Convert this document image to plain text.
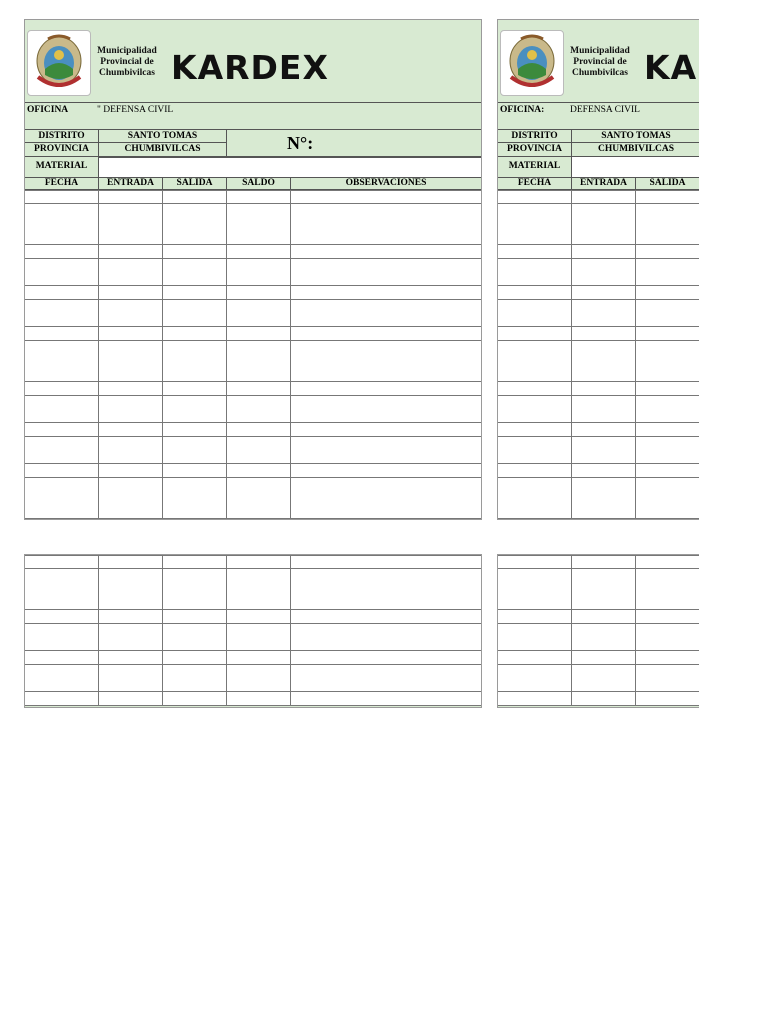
Municipalidad
Provincial de
Chumbivilcas KARDEX
OFICINA	" DEFENSA CIVIL
DISTRITO	SANTO TOMAS
PROVINCIA	CHUMBIVILCAS
MATERIAL
N°:
FECHA	ENTRADA	SALIDA	SALDO	OBSERVACIONES
Municipalidad
Provincial de
Chumbivilcas KA
OFICINA:	DEFENSA CIVIL
DISTRITO	SANTO TOMAS
PROVINCIA	CHUMBIVILCAS
MATERIAL
FECHA	ENTRADA	SALIDA
